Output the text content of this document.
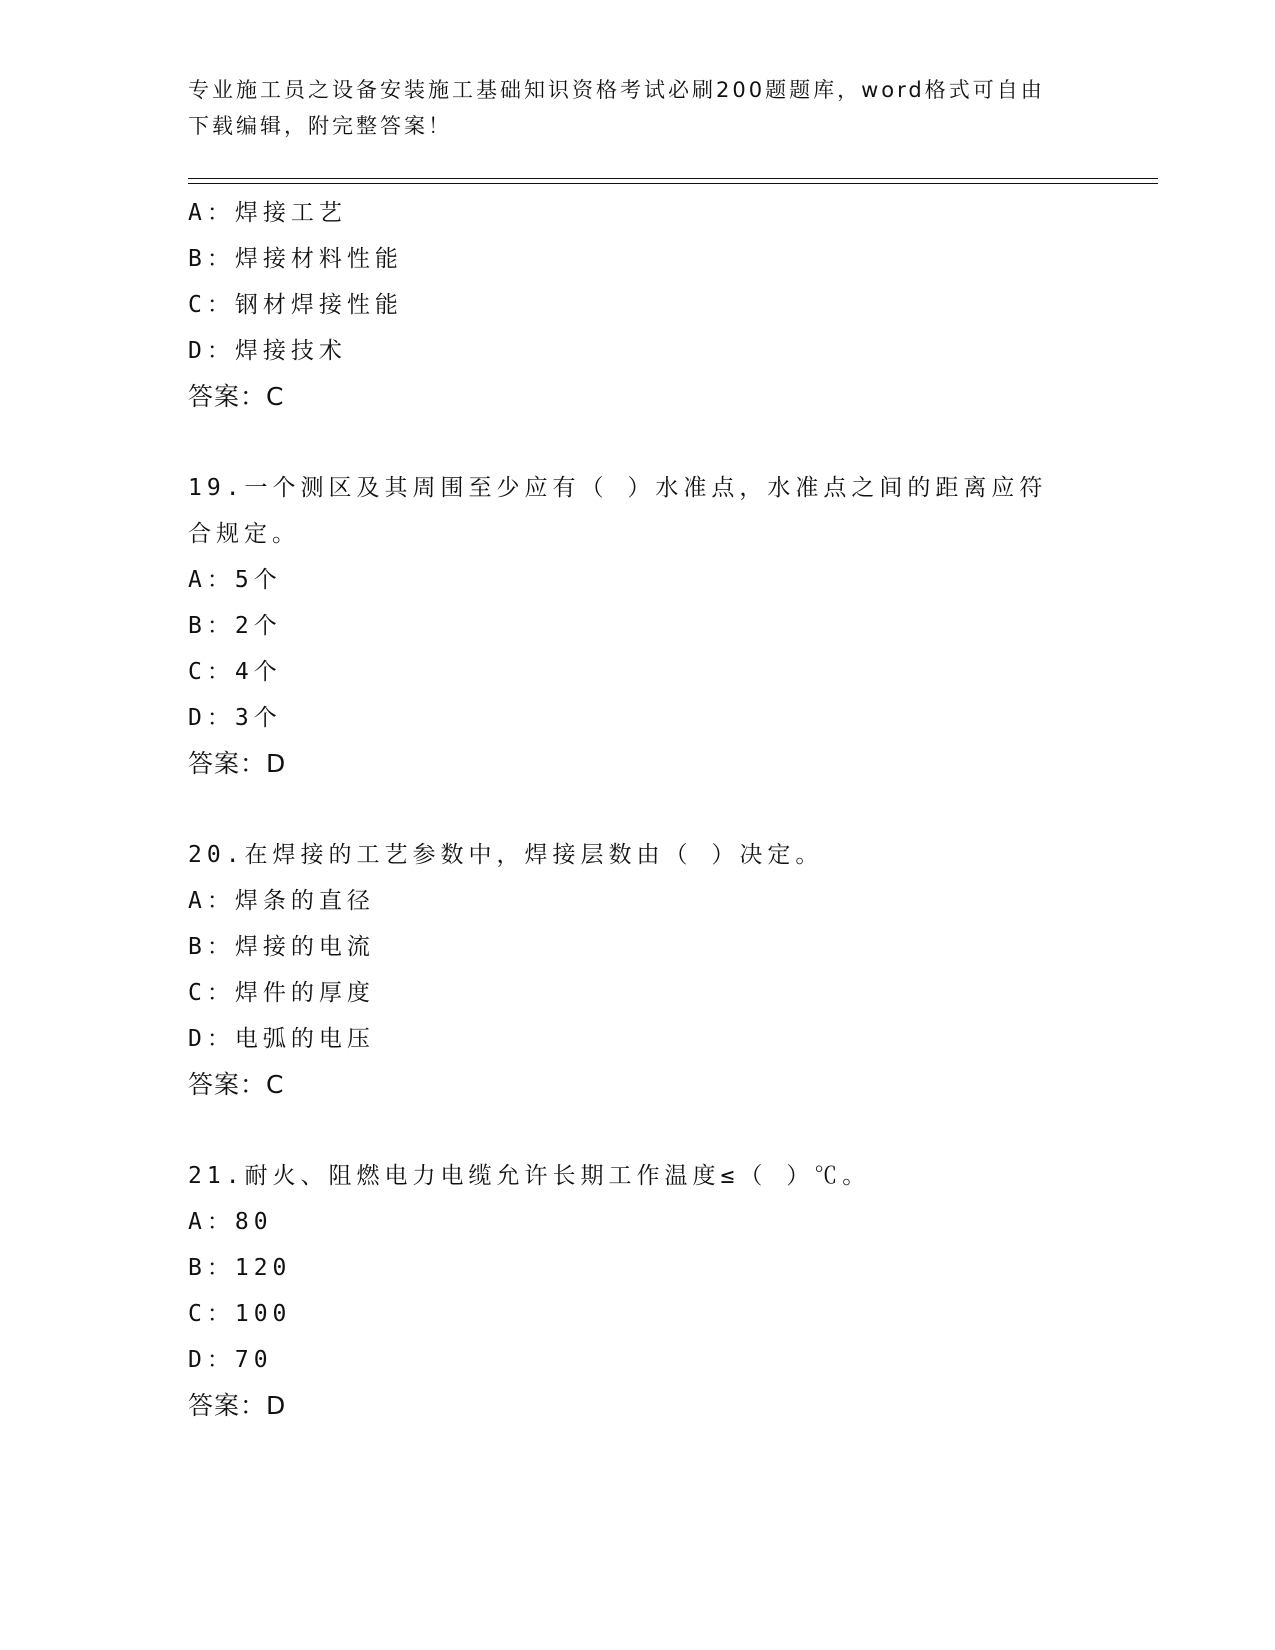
专业施工员之设备安装施工基础知识资格考试必刷200题题库，word格式可自由
下载编辑，附完整答案！
A：焊接工艺
B：焊接材料性能
C：钢材焊接性能
D：焊接技术
答案：C
19.一个测区及其周围至少应有（ ）水准点，水准点之间的距离应符
合规定。
A：5个
B：2个
C：4个
D：3个
答案：D
20.在焊接的工艺参数中，焊接层数由（ ）决定。
A：焊条的直径
B：焊接的电流
C：焊件的厚度
D：电弧的电压
答案：C
21.耐火、阻燃电力电缆允许长期工作温度≤（ ）℃。
A：80
B：120
C：100
D：70
答案：D
